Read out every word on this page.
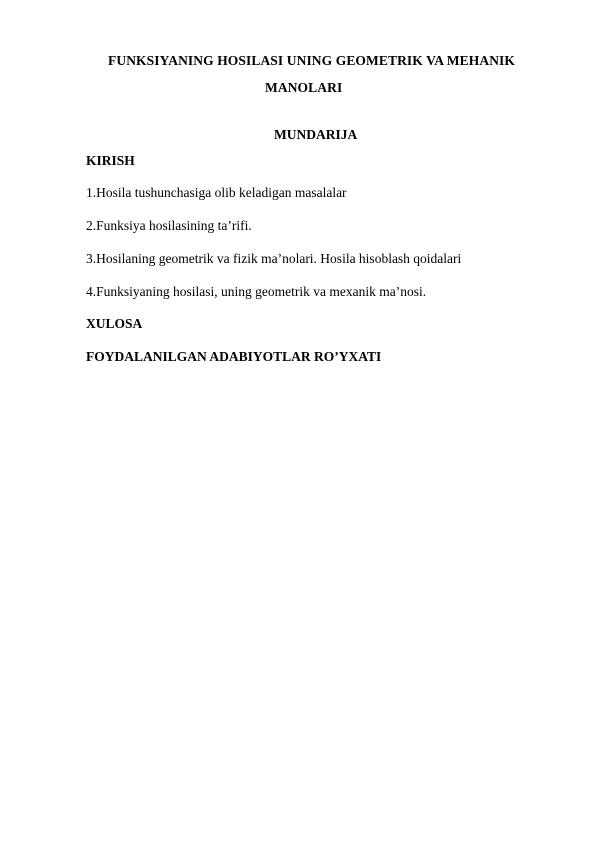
FUNKSIYANING HOSILASI UNING GEOMETRIK VA MEHANIK
MANOLARI
MUNDARIJA
KIRISH
1.Hosila tushunchasiga olib keladigan masalalar
2.Funksiya hosilasining ta’rifi.
3.Hosilaning geometrik va fizik ma’nolari. Hosila hisoblash qoidalari
4.Funksiyaning hosilasi, uning geometrik va mexanik ma’nosi.
XULOSA
FOYDALANILGAN ADABIYOTLAR RO’YXATI
